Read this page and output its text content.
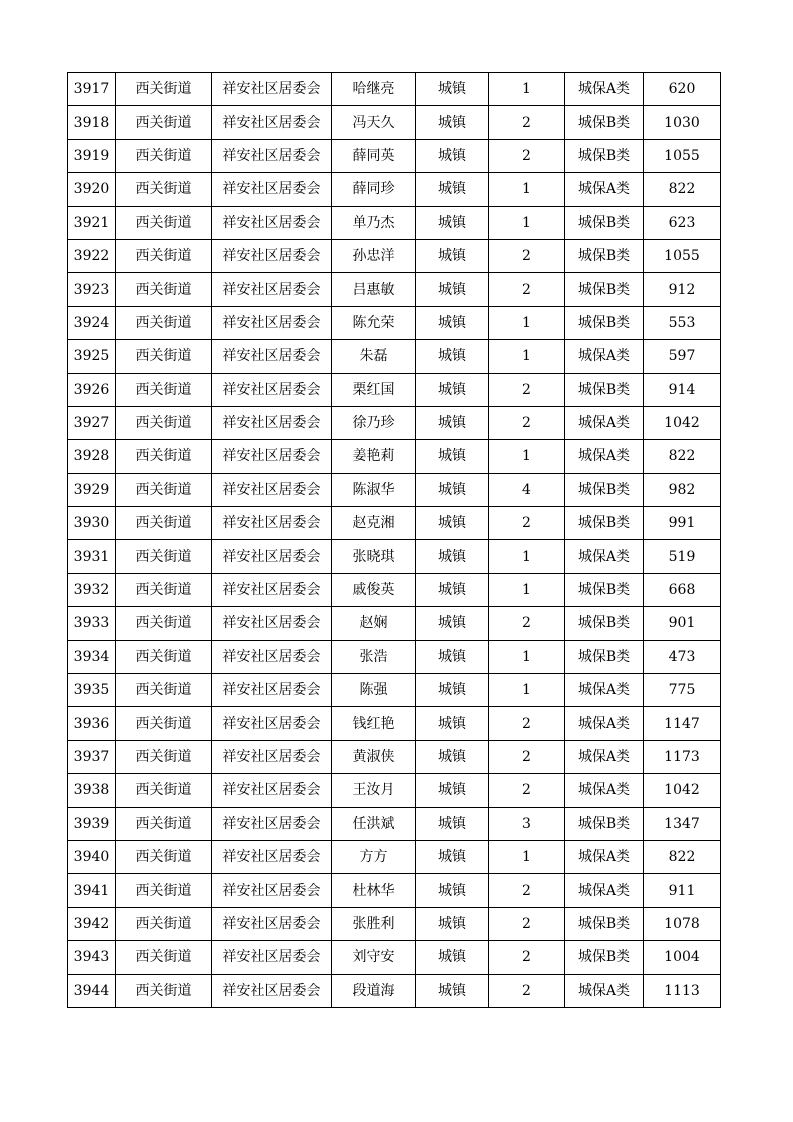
3917	西关街道	祥安社区居委会	哈继亮	城镇	1	城保A类	620
3918	西关街道	祥安社区居委会	冯天久	城镇	2	城保B类	1030
3919	西关街道	祥安社区居委会	薛同英	城镇	2	城保B类	1055
3920	西关街道	祥安社区居委会	薛同珍	城镇	1	城保A类	822
3921	西关街道	祥安社区居委会	单乃杰	城镇	1	城保B类	623
3922	西关街道	祥安社区居委会	孙忠洋	城镇	2	城保B类	1055
3923	西关街道	祥安社区居委会	吕惠敏	城镇	2	城保B类	912
3924	西关街道	祥安社区居委会	陈允荣	城镇	1	城保B类	553
3925	西关街道	祥安社区居委会	朱磊	城镇	1	城保A类	597
3926	西关街道	祥安社区居委会	栗红国	城镇	2	城保B类	914
3927	西关街道	祥安社区居委会	徐乃珍	城镇	2	城保A类	1042
3928	西关街道	祥安社区居委会	姜艳莉	城镇	1	城保A类	822
3929	西关街道	祥安社区居委会	陈淑华	城镇	4	城保B类	982
3930	西关街道	祥安社区居委会	赵克湘	城镇	2	城保B类	991
3931	西关街道	祥安社区居委会	张晓琪	城镇	1	城保A类	519
3932	西关街道	祥安社区居委会	戚俊英	城镇	1	城保B类	668
3933	西关街道	祥安社区居委会	赵娴	城镇	2	城保B类	901
3934	西关街道	祥安社区居委会	张浩	城镇	1	城保B类	473
3935	西关街道	祥安社区居委会	陈强	城镇	1	城保A类	775
3936	西关街道	祥安社区居委会	钱红艳	城镇	2	城保A类	1147
3937	西关街道	祥安社区居委会	黄淑侠	城镇	2	城保A类	1173
3938	西关街道	祥安社区居委会	王汝月	城镇	2	城保A类	1042
3939	西关街道	祥安社区居委会	任洪斌	城镇	3	城保B类	1347
3940	西关街道	祥安社区居委会	方方	城镇	1	城保A类	822
3941	西关街道	祥安社区居委会	杜林华	城镇	2	城保A类	911
3942	西关街道	祥安社区居委会	张胜利	城镇	2	城保B类	1078
3943	西关街道	祥安社区居委会	刘守安	城镇	2	城保B类	1004
3944	西关街道	祥安社区居委会	段道海	城镇	2	城保A类	1113
